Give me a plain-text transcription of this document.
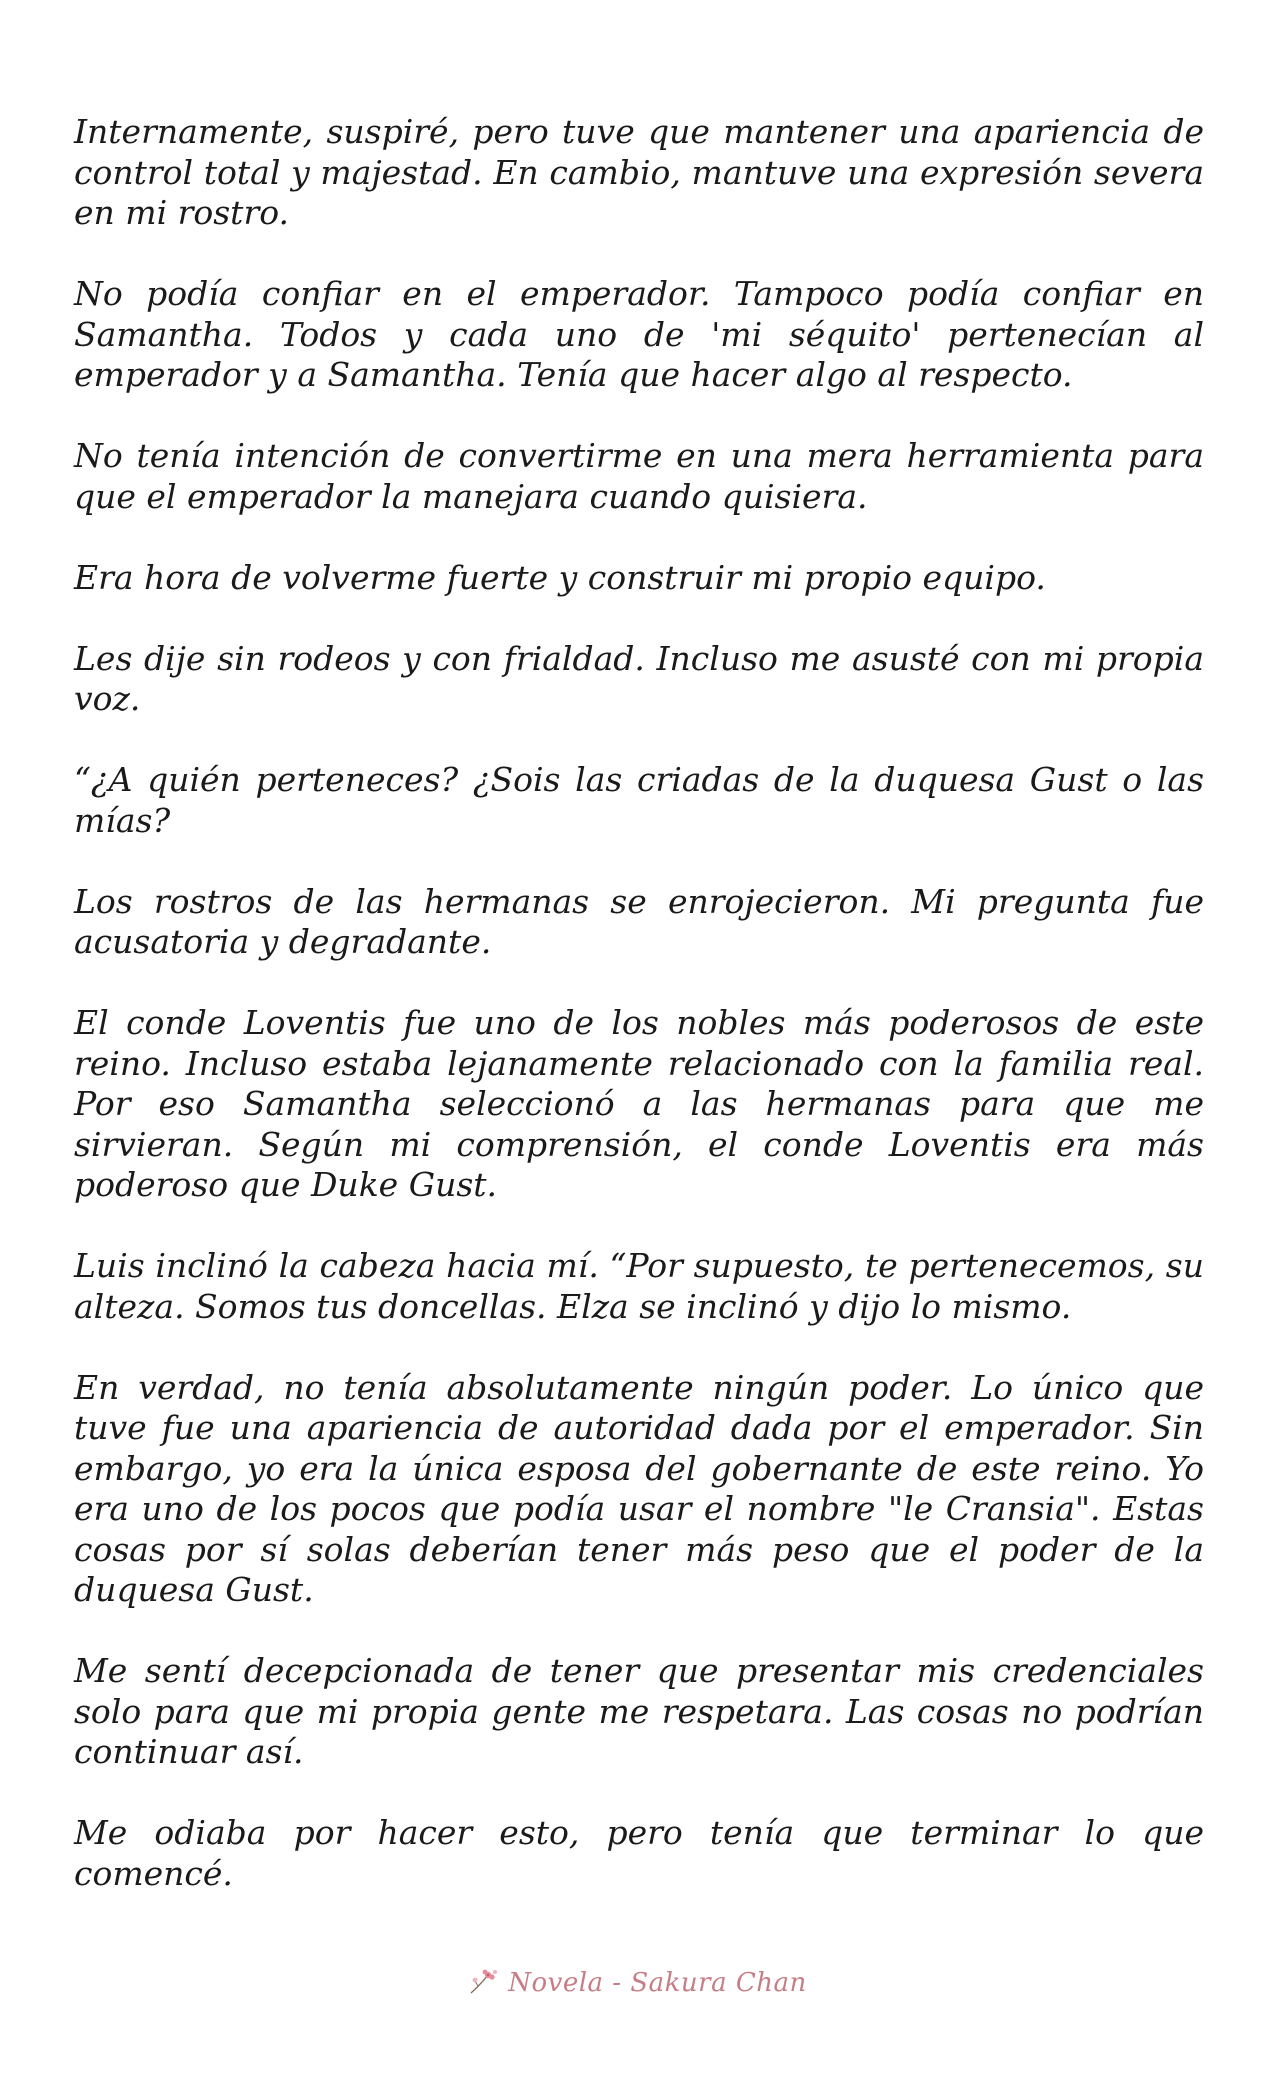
Internamente, suspiré, pero tuve que mantener una apariencia de control total y majestad. En cambio, mantuve una expresión severa en mi rostro.

No podía confiar en el emperador. Tampoco podía confiar en Samantha. Todos y cada uno de 'mi séquito' pertenecían al emperador y a Samantha. Tenía que hacer algo al respecto.

No tenía intención de convertirme en una mera herramienta para que el emperador la manejara cuando quisiera.

Era hora de volverme fuerte y construir mi propio equipo.

Les dije sin rodeos y con frialdad. Incluso me asusté con mi propia voz.

“¿A quién perteneces? ¿Sois las criadas de la duquesa Gust o las mías?

Los rostros de las hermanas se enrojecieron. Mi pregunta fue acusatoria y degradante.

El conde Loventis fue uno de los nobles más poderosos de este reino. Incluso estaba lejanamente relacionado con la familia real. Por eso Samantha seleccionó a las hermanas para que me sirvieran. Según mi comprensión, el conde Loventis era más poderoso que Duke Gust.

Luis inclinó la cabeza hacia mí. “Por supuesto, te pertenecemos, su alteza. Somos tus doncellas. Elza se inclinó y dijo lo mismo.

En verdad, no tenía absolutamente ningún poder. Lo único que tuve fue una apariencia de autoridad dada por el emperador. Sin embargo, yo era la única esposa del gobernante de este reino. Yo era uno de los pocos que podía usar el nombre "le Cransia". Estas cosas por sí solas deberían tener más peso que el poder de la duquesa Gust.

Me sentí decepcionada de tener que presentar mis credenciales solo para que mi propia gente me respetara. Las cosas no podrían continuar así.

Me odiaba por hacer esto, pero tenía que terminar lo que comencé.

Novela - Sakura Chan
